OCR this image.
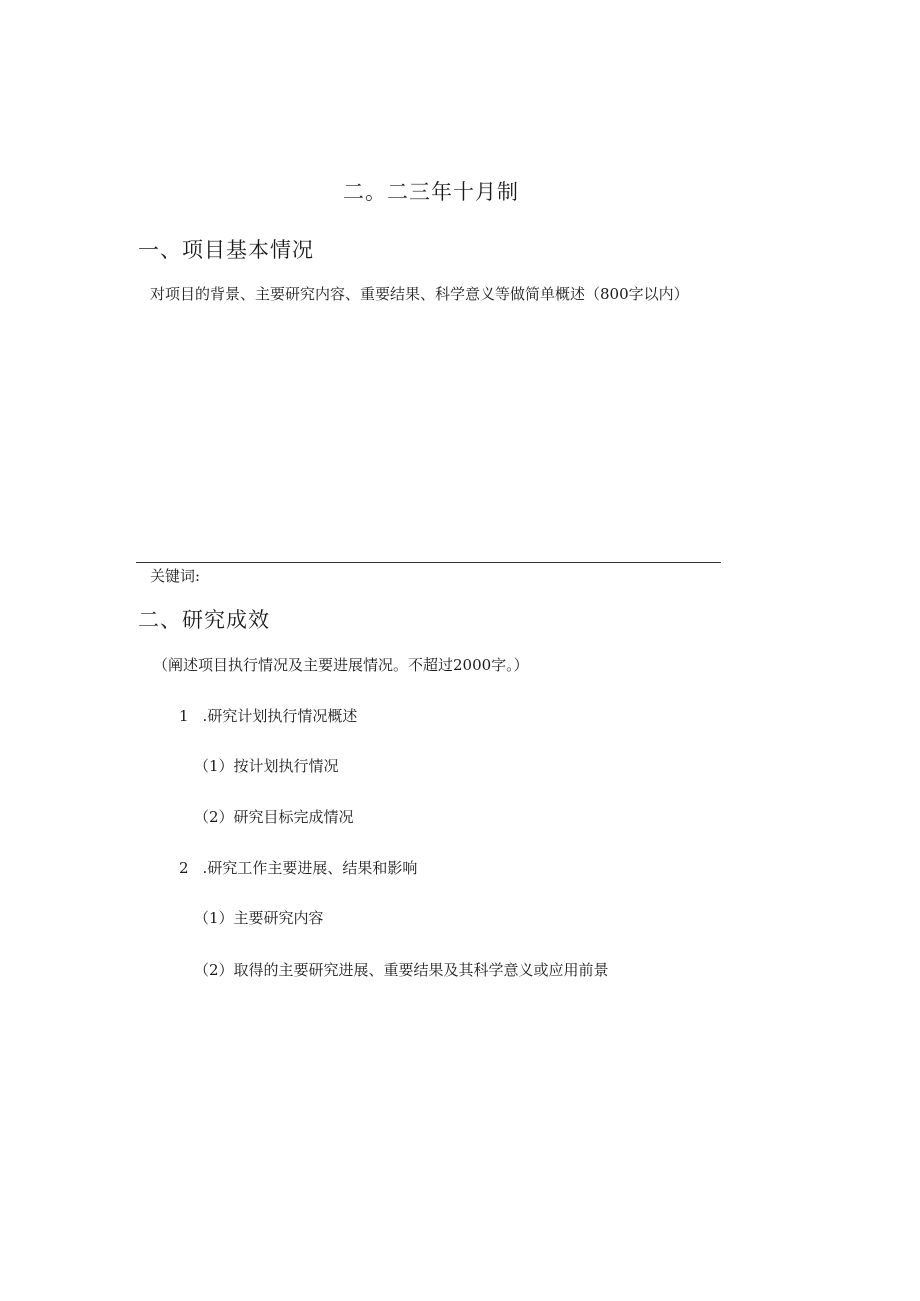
二。二三年十月制
一、项目基本情况
对项目的背景、主要研究内容、重要结果、科学意义等做简单概述（800字以内）
关键词:
二、研究成效
（阐述项目执行情况及主要进展情况。不超过2000字。）
1 .研究计划执行情况概述
（1）按计划执行情况
（2）研究目标完成情况
2 .研究工作主要进展、结果和影响
（1）主要研究内容
（2）取得的主要研究进展、重要结果及其科学意义或应用前景
